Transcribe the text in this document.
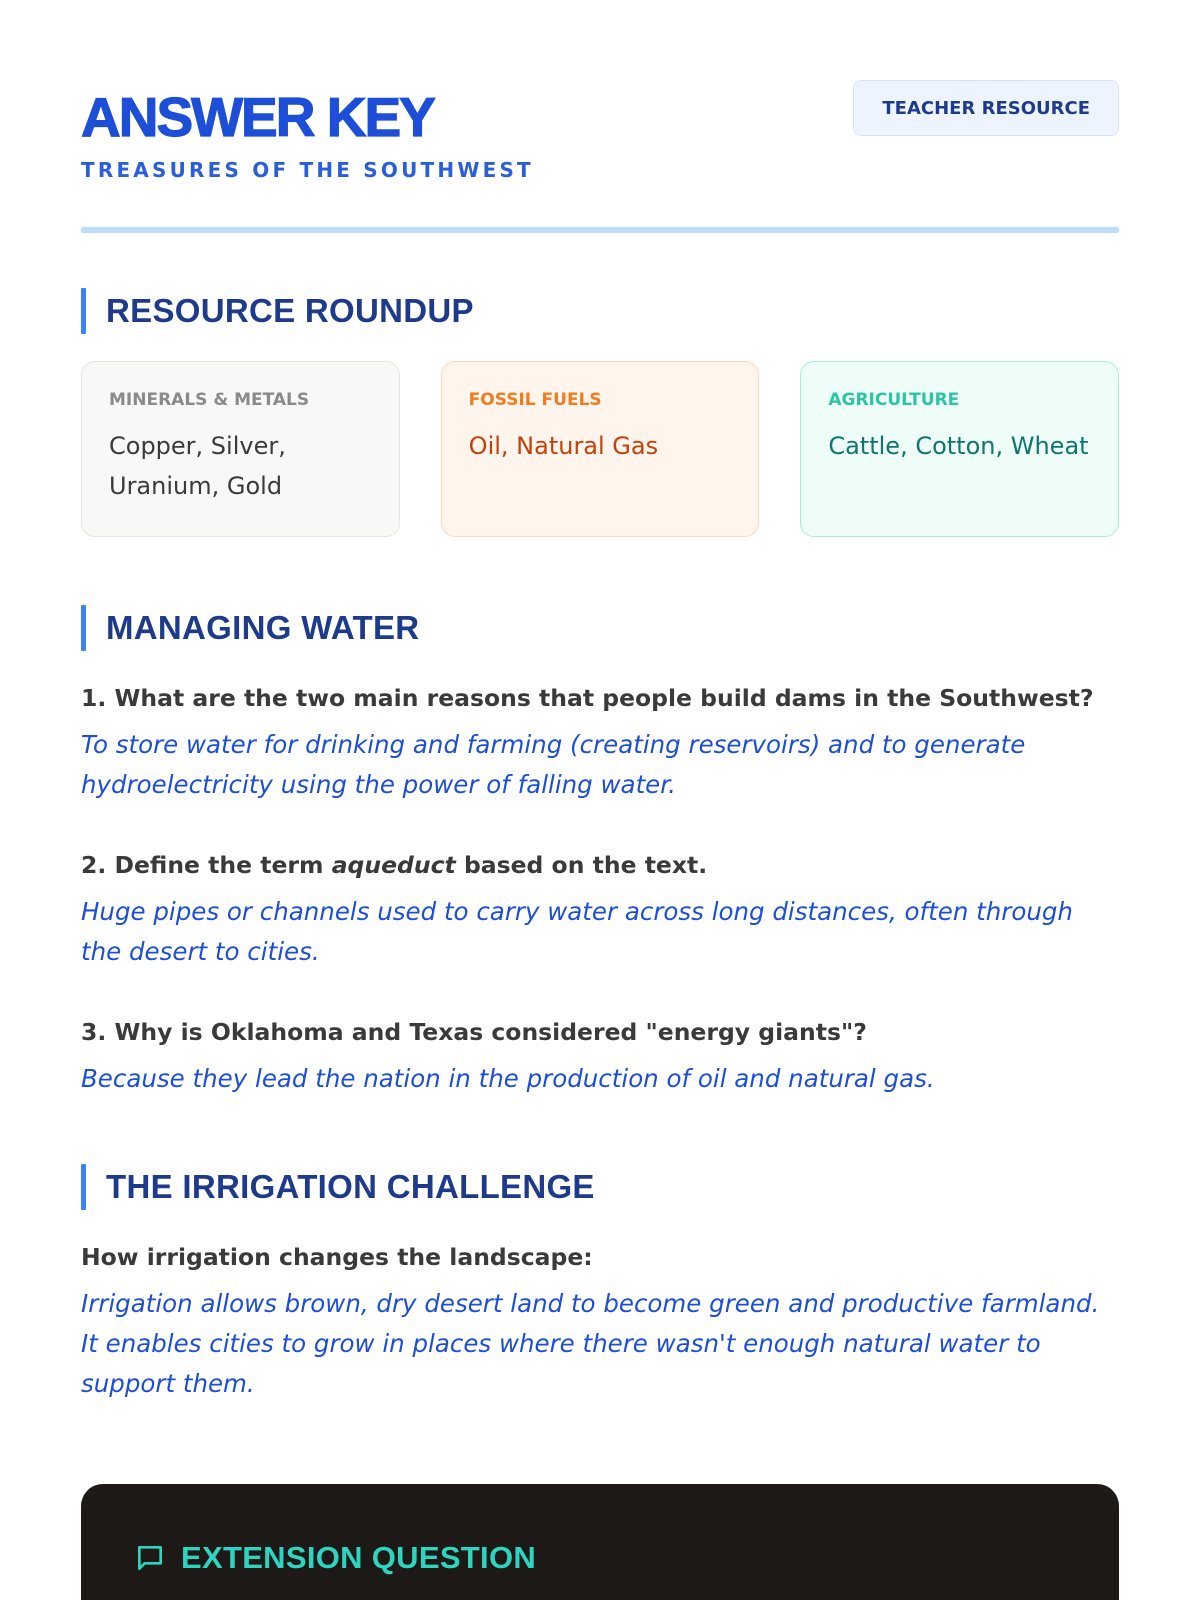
ANSWER KEY
TREASURES OF THE SOUTHWEST
TEACHER RESOURCE
RESOURCE ROUNDUP
MINERALS & METALS
Copper, Silver, Uranium, Gold
FOSSIL FUELS
Oil, Natural Gas
AGRICULTURE
Cattle, Cotton, Wheat
MANAGING WATER
1. What are the two main reasons that people build dams in the Southwest?
To store water for drinking and farming (creating reservoirs) and to generate hydroelectricity using the power of falling water.
2. Define the term aqueduct based on the text.
Huge pipes or channels used to carry water across long distances, often through the desert to cities.
3. Why is Oklahoma and Texas considered "energy giants"?
Because they lead the nation in the production of oil and natural gas.
THE IRRIGATION CHALLENGE
How irrigation changes the landscape:
Irrigation allows brown, dry desert land to become green and productive farmland. It enables cities to grow in places where there wasn't enough natural water to support them.
EXTENSION QUESTION
